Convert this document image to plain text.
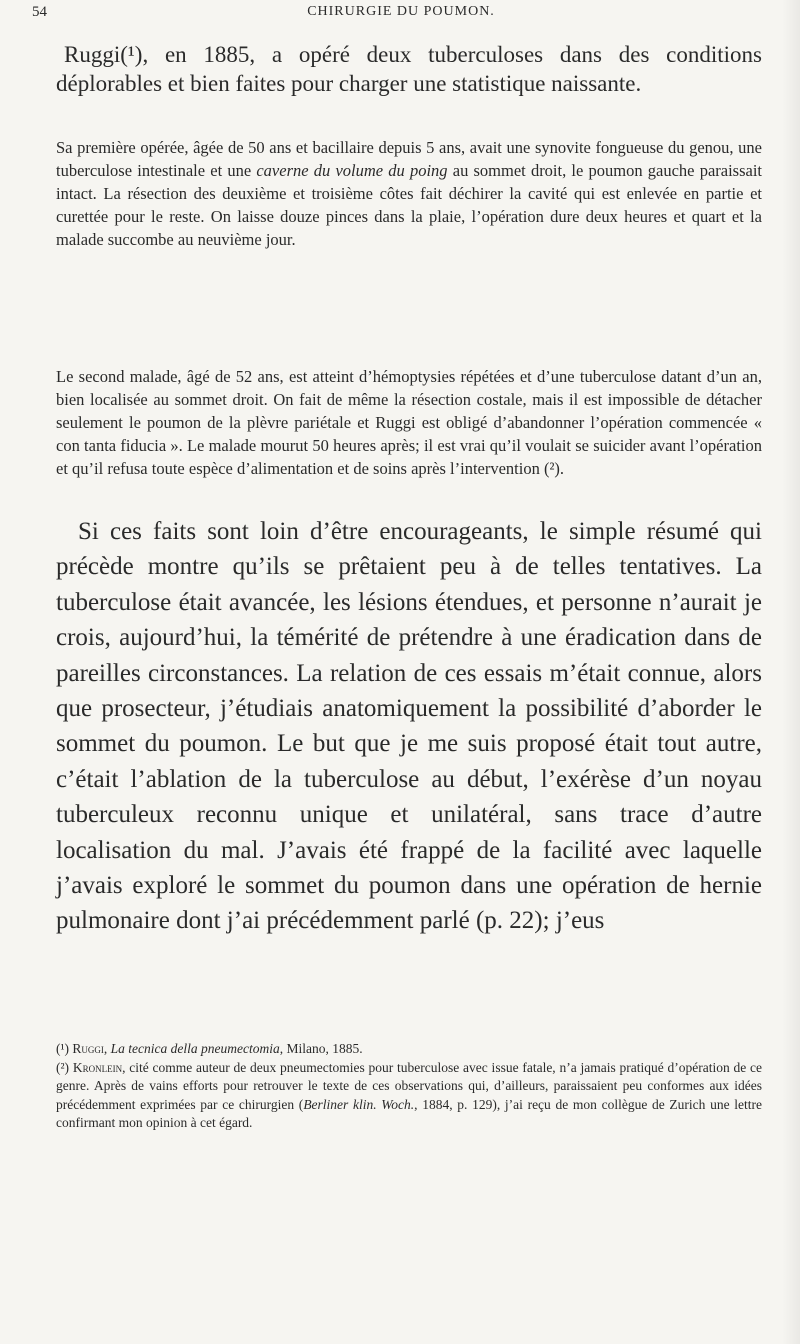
54	CHIRURGIE DU POUMON.

Ruggi(¹), en 1885, a opéré deux tuberculoses dans des conditions déplorables et bien faites pour charger une statistique naissante.

Sa première opérée, âgée de 50 ans et bacillaire depuis 5 ans, avait une synovite fongueuse du genou, une tuberculose intestinale et une caverne du volume du poing au sommet droit, le poumon gauche paraissait intact. La résection des deuxième et troisième côtes fait déchirer la cavité qui est enlevée en partie et curettée pour le reste. On laisse douze pinces dans la plaie, l’opération dure deux heures et quart et la malade succombe au neuvième jour.

Le second malade, âgé de 52 ans, est atteint d’hémoptysies répétées et d’une tuberculose datant d’un an, bien localisée au sommet droit. On fait de même la résection costale, mais il est impossible de détacher seulement le poumon de la plèvre pariétale et Ruggi est obligé d’abandonner l’opération commencée « con tanta fiducia ». Le malade mourut 50 heures après; il est vrai qu’il voulait se suicider avant l’opération et qu’il refusa toute espèce d’alimentation et de soins après l’intervention (²).

Si ces faits sont loin d’être encourageants, le simple résumé qui précède montre qu’ils se prêtaient peu à de telles tentatives. La tuberculose était avancée, les lésions étendues, et personne n’aurait je crois, aujourd’hui, la témérité de prétendre à une éradication dans de pareilles circonstances. La relation de ces essais m’était connue, alors que prosecteur, j’étudiais anatomiquement la possibilité d’aborder le sommet du poumon. Le but que je me suis proposé était tout autre, c’était l’ablation de la tuberculose au début, l’exérèse d’un noyau tuberculeux reconnu unique et unilatéral, sans trace d’autre localisation du mal. J’avais été frappé de la facilité avec laquelle j’avais exploré le sommet du poumon dans une opération de hernie pulmonaire dont j’ai précédemment parlé (p. 22); j’eus

(¹) Ruggi, La tecnica della pneumectomia, Milano, 1885.

(²) Kronlein, cité comme auteur de deux pneumectomies pour tuberculose avec issue fatale, n’a jamais pratiqué d’opération de ce genre. Après de vains efforts pour retrouver le texte de ces observations qui, d’ailleurs, paraissaient peu conformes aux idées précédemment exprimées par ce chirurgien (Berliner klin. Woch., 1884, p. 129), j’ai reçu de mon collègue de Zurich une lettre confirmant mon opinion à cet égard.
